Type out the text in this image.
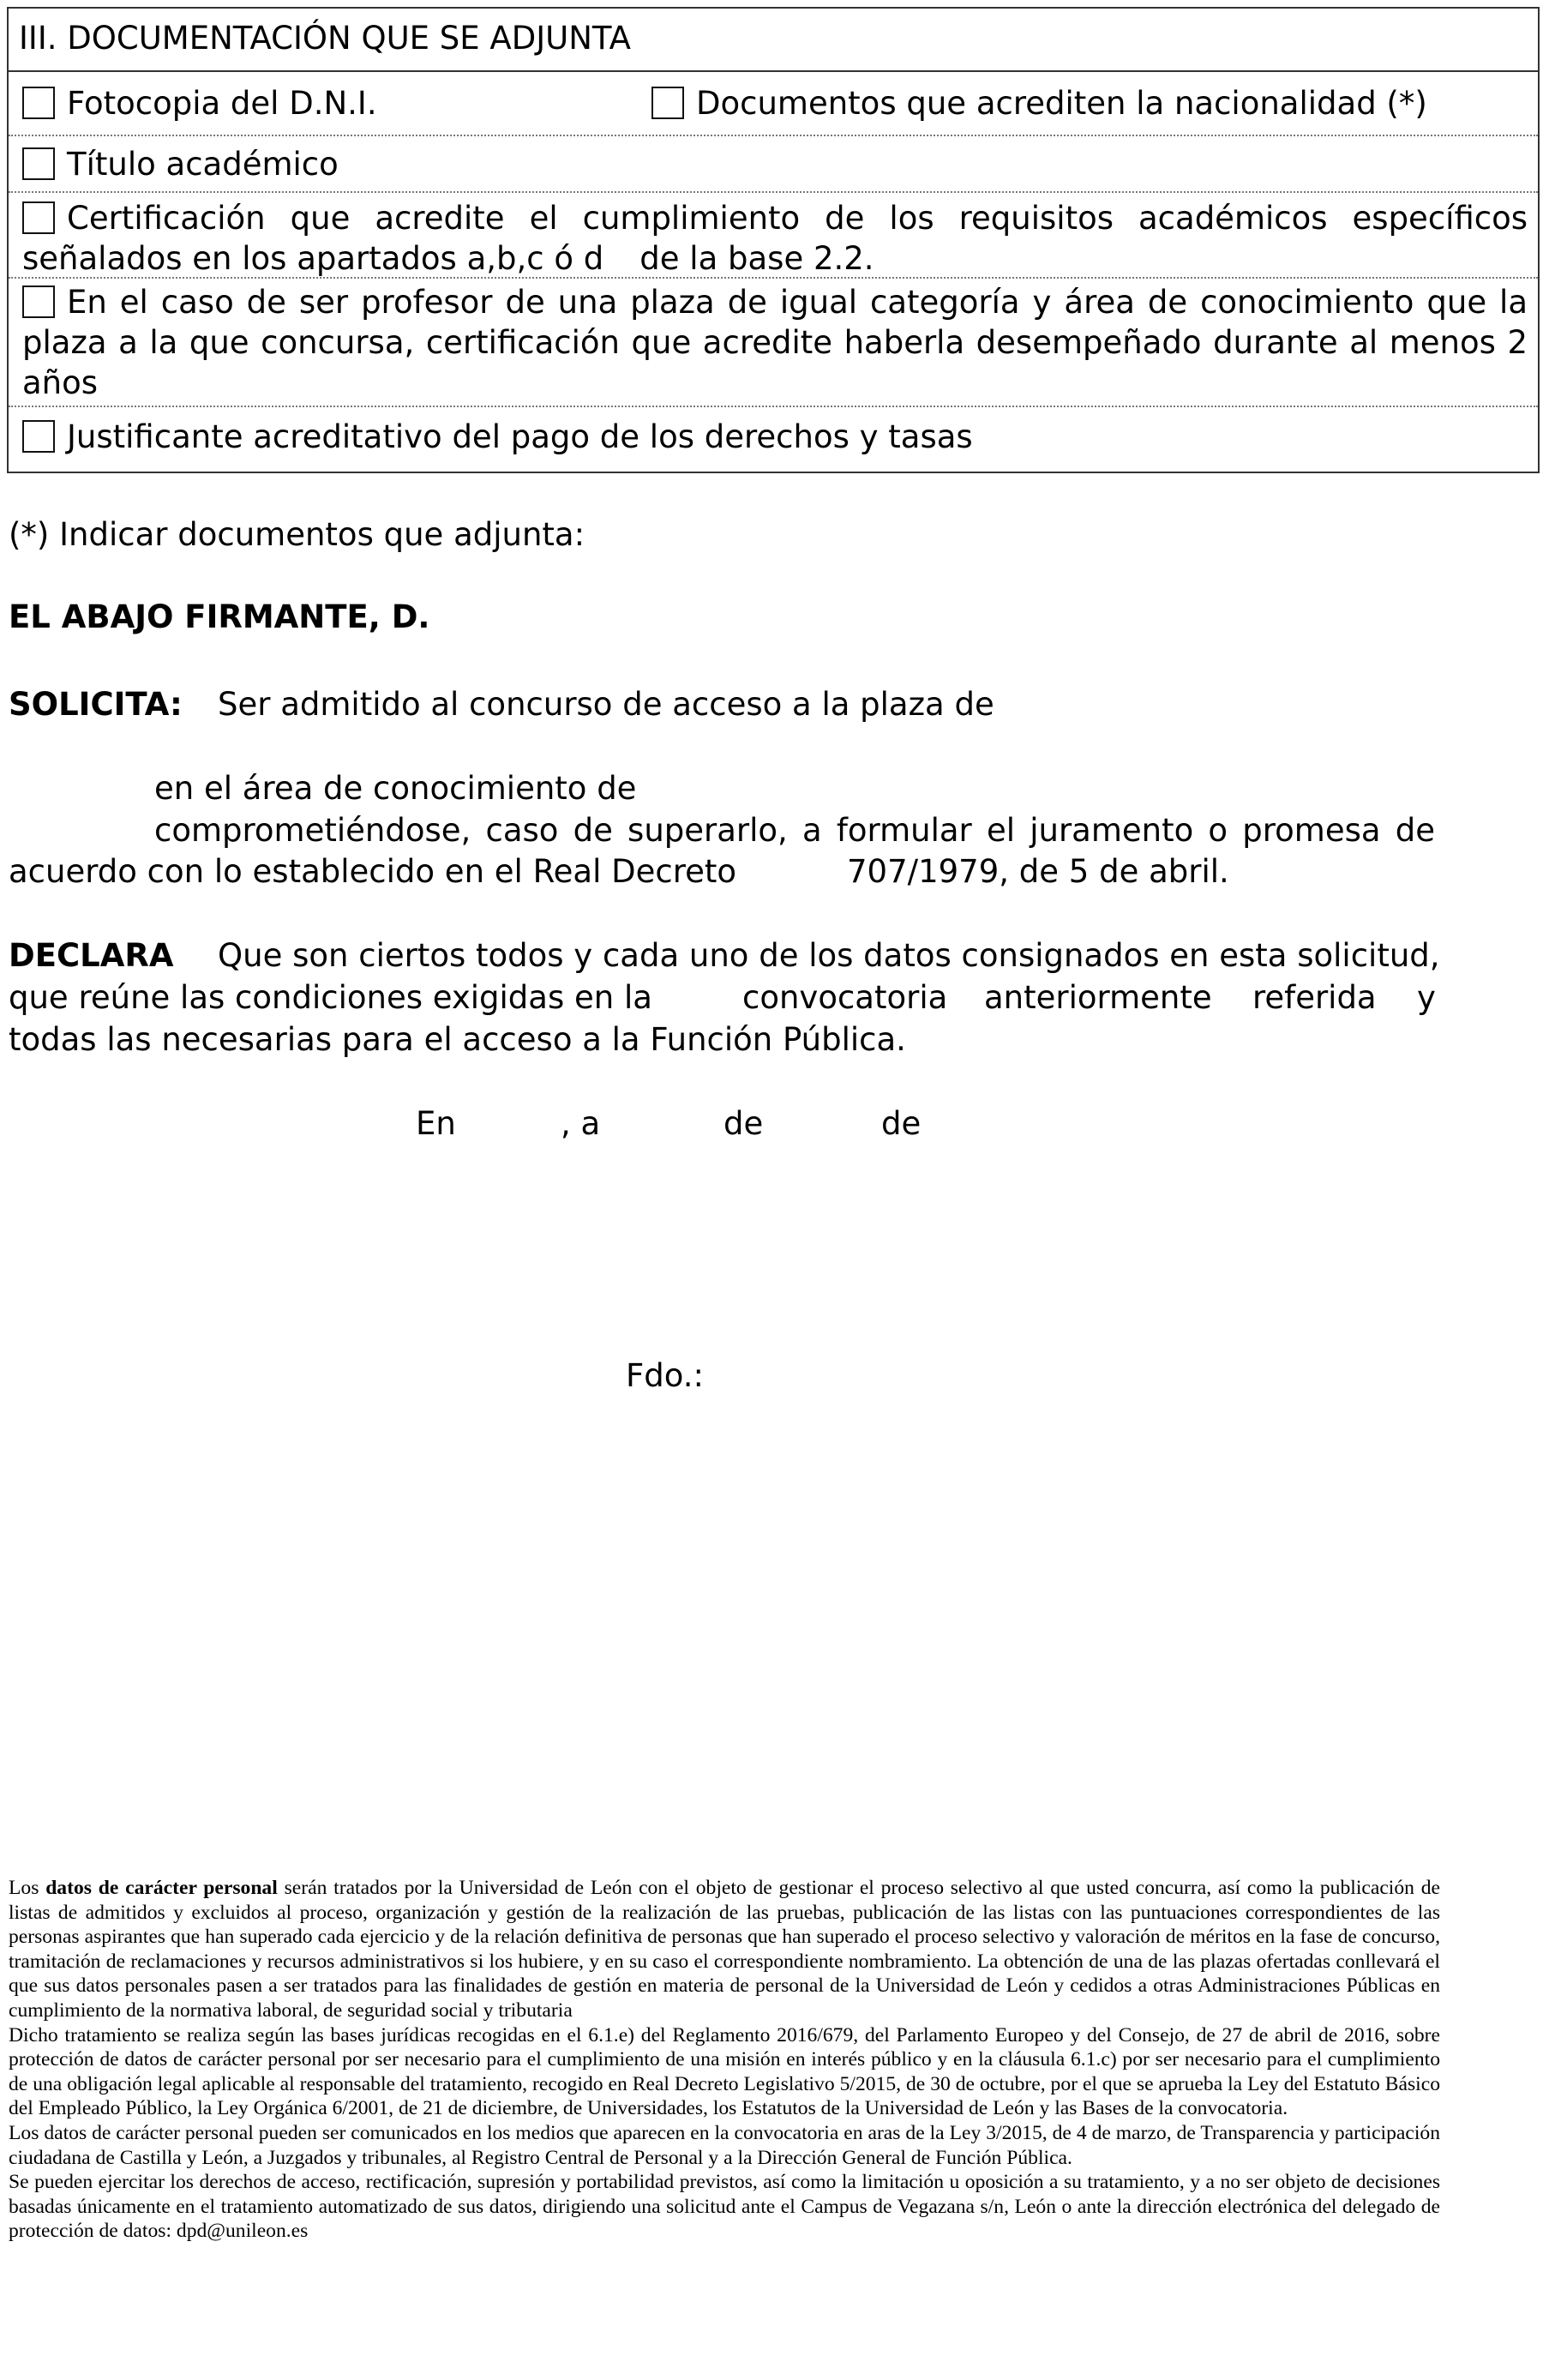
III. DOCUMENTACIÓN QUE SE ADJUNTA
Fotocopia del D.N.I.	Documentos que acrediten la nacionalidad (*)
Título académico
Certificación que acredite el cumplimiento de los requisitos académicos específicos
señalados en los apartados a,b,c ó d de la base 2.2.
En el caso de ser profesor de una plaza de igual categoría y área de conocimiento que la plaza a la que concursa, certificación que acredite haberla desempeñado durante al menos 2 años
Justificante acreditativo del pago de los derechos y tasas
(*) Indicar documentos que adjunta:
EL ABAJO FIRMANTE, D.
SOLICITA: Ser admitido al concurso de acceso a la plaza de
en el área de conocimiento de
comprometiéndose, caso de superarlo, a formular el juramento o promesa de
acuerdo con lo establecido en el Real Decreto	707/1979, de 5 de abril.
DECLARA Que son ciertos todos y cada uno de los datos consignados en esta solicitud,
que reúne las condiciones exigidas en la	convocatoria anteriormente referida y
todas las necesarias para el acceso a la Función Pública.
En	, a	de	de
Fdo.:

Los datos de carácter personal serán tratados por la Universidad de León con el objeto de gestionar el proceso selectivo al que usted concurra, así como la publicación de listas de admitidos y excluidos al proceso, organización y gestión de la realización de las pruebas, publicación de las listas con las puntuaciones correspondientes de las personas aspirantes que han superado cada ejercicio y de la relación definitiva de personas que han superado el proceso selectivo y valoración de méritos en la fase de concurso, tramitación de reclamaciones y recursos administrativos si los hubiere, y en su caso el correspondiente nombramiento. La obtención de una de las plazas ofertadas conllevará el que sus datos personales pasen a ser tratados para las finalidades de gestión en materia de personal de la Universidad de León y cedidos a otras Administraciones Públicas en cumplimiento de la normativa laboral, de seguridad social y tributaria

Dicho tratamiento se realiza según las bases jurídicas recogidas en el 6.1.e) del Reglamento 2016/679, del Parlamento Europeo y del Consejo, de 27 de abril de 2016, sobre protección de datos de carácter personal por ser necesario para el cumplimiento de una misión en interés público y en la cláusula 6.1.c) por ser necesario para el cumplimiento de una obligación legal aplicable al responsable del tratamiento, recogido en Real Decreto Legislativo 5/2015, de 30 de octubre, por el que se aprueba la Ley del Estatuto Básico del Empleado Público, la Ley Orgánica 6/2001, de 21 de diciembre, de Universidades, los Estatutos de la Universidad de León y las Bases de la convocatoria.

Los datos de carácter personal pueden ser comunicados en los medios que aparecen en la convocatoria en aras de la Ley 3/2015, de 4 de marzo, de Transparencia y participación ciudadana de Castilla y León, a Juzgados y tribunales, al Registro Central de Personal y a la Dirección General de Función Pública.

Se pueden ejercitar los derechos de acceso, rectificación, supresión y portabilidad previstos, así como la limitación u oposición a su tratamiento, y a no ser objeto de decisiones basadas únicamente en el tratamiento automatizado de sus datos, dirigiendo una solicitud ante el Campus de Vegazana s/n, León o ante la dirección electrónica del delegado de protección de datos: dpd@unileon.es
